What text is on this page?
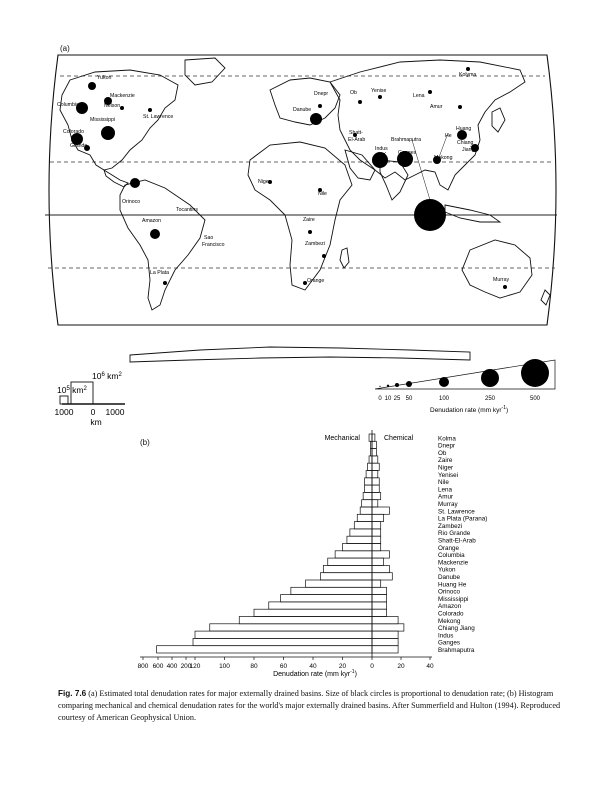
(a)
Yukon
Mackenzie
Columbia	Nelson
Mississippi	St. Lawrence
Colorado
Rio
Grande
Orinoco
Tocantins
Amazon
Sao
Francisco
La Plata
Dnepr
Danube
Ob	Yenise
Lena
Kolyma
Amur
Shatt-
El-Arab	Brahmaputra
Indus
Ganges
Huang
He
Chiang
Jiang
Mekong
Niger
Nile
Zaire
Zambezi
Orange	Murray
$10^6$ $km^2$
$10^5$ $km^2$
1000 0 1000
km
0 10 25 50	100	250	500
Denudation rate (mm kyr$^{-1}$)
(b)	Kolma
Dnepr
Ob
Zaire
Niger
Yenisei
Nile
Lena
Amur
Murray
St. Lawrence
La Plata (Parana)
Zambezi
Rio Grande
Shatt-El-Arab
Orange
Columbia
Mackenzie
Yukon
Danube
Huang He
Orinoco
Mississippi
Amazon
Colorado
Mekong
Chiang Jiang
Indus
Ganges
Brahmaputra
800 600 400 200
120	100	80	60	40	20	0	20	40
Mechanical	Chemical
Denudation rate (mm kyr$^{-1}$)
Fig. 7.6 (a) Estimated total denudation rates for major externally drained basins. Size of black circles is proportional to denudation rate; (b) Histogram comparing mechanical and chemical denudation rates for the world's major externally drained basins. After Summerfield and Hulton (1994). Reproduced courtesy of American Geophysical Union.
